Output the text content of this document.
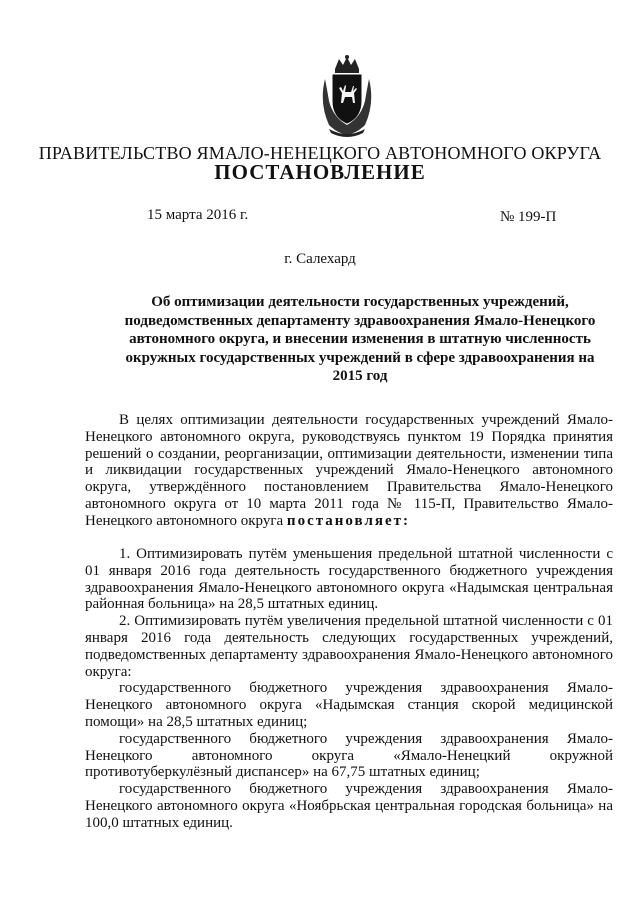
ПРАВИТЕЛЬСТВО ЯМАЛО-НЕНЕЦКОГО АВТОНОМНОГО ОКРУГА
ПОСТАНОВЛЕНИЕ
15 марта 2016 г.	№ 199-П
г. Салехард
Об оптимизации деятельности государственных учреждений, подведомственных департаменту здравоохранения Ямало-Ненецкого автономного округа, и внесении изменения в штатную численность окружных государственных учреждений в сфере здравоохранения на 2015 год

В целях оптимизации деятельности государственных учреждений Ямало-Ненецкого автономного округа, руководствуясь пунктом 19 Порядка принятия решений о создании, реорганизации, оптимизации деятельности, изменении типа и ликвидации государственных учреждений Ямало-Ненецкого автономного округа, утверждённого постановлением Правительства Ямало-Ненецкого автономного округа от 10 марта 2011 года № 115-П, Правительство Ямало-Ненецкого автономного округа постановляет:

1. Оптимизировать путём уменьшения предельной штатной численности с 01 января 2016 года деятельность государственного бюджетного учреждения здравоохранения Ямало-Ненецкого автономного округа «Надымская центральная районная больница» на 28,5 штатных единиц.

2. Оптимизировать путём увеличения предельной штатной численности с 01 января 2016 года деятельность следующих государственных учреждений, подведомственных департаменту здравоохранения Ямало-Ненецкого автономного округа:

государственного бюджетного учреждения здравоохранения Ямало-Ненецкого автономного округа «Надымская станция скорой медицинской помощи» на 28,5 штатных единиц;

государственного бюджетного учреждения здравоохранения Ямало-Ненецкого автономного округа «Ямало-Ненецкий окружной противотуберкулёзный диспансер» на 67,75 штатных единиц;

государственного бюджетного учреждения здравоохранения Ямало-Ненецкого автономного округа «Ноябрьская центральная городская больница» на 100,0 штатных единиц.
